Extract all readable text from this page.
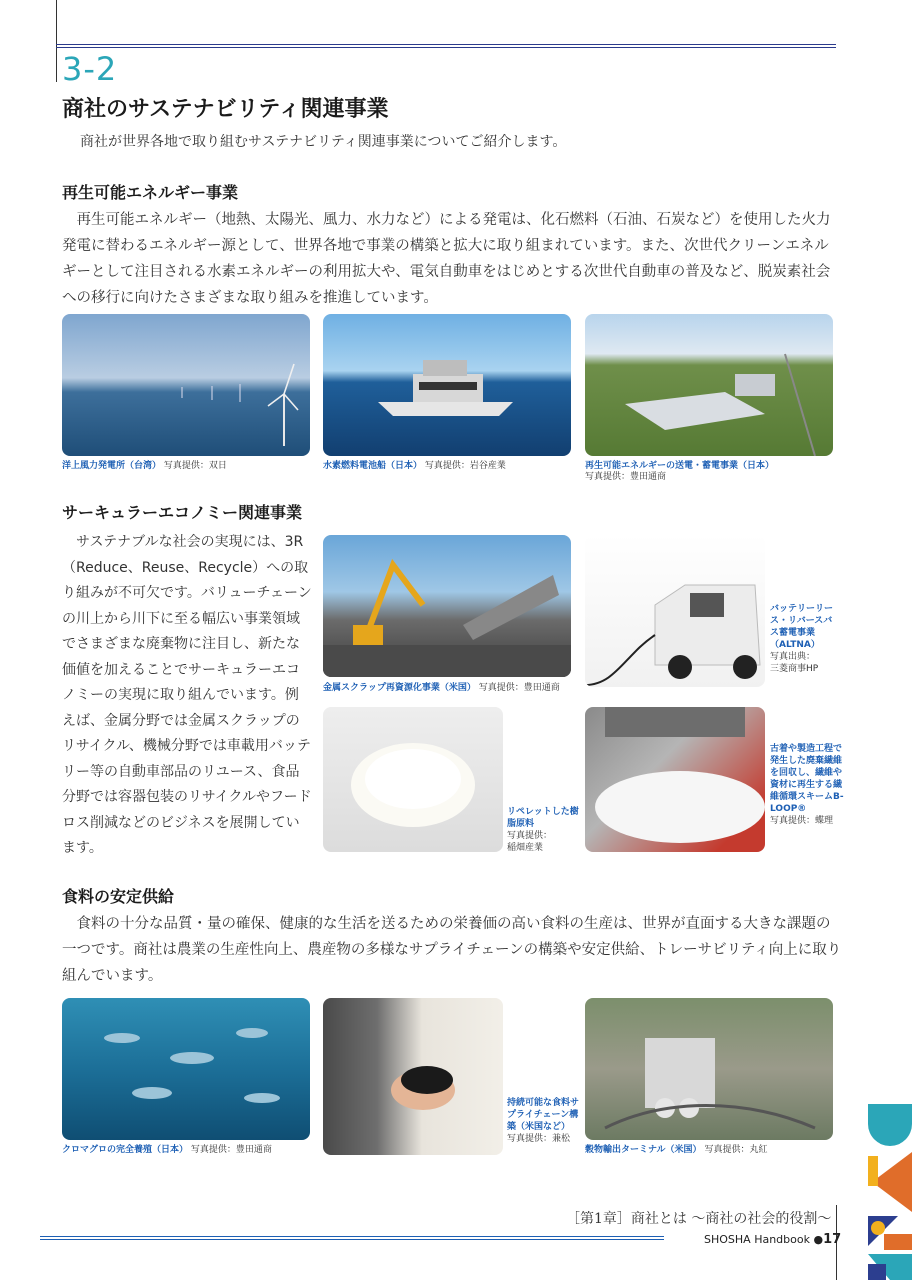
3-2
商社のサステナビリティ関連事業
商社が世界各地で取り組むサステナビリティ関連事業についてご紹介します。
再生可能エネルギー事業

再生可能エネルギー（地熱、太陽光、風力、水力など）による発電は、化石燃料（石油、石炭など）を使用した火力発電に替わるエネルギー源として、世界各地で事業の構築と拡大に取り組まれています。また、次世代クリーンエネルギーとして注目される水素エネルギーの利用拡大や、電気自動車をはじめとする次世代自動車の普及など、脱炭素社会への移行に向けたさまざまな取り組みを推進しています。

洋上風力発電所（台湾） 写真提供：双日	水素燃料電池船（日本） 写真提供：岩谷産業	再生可能エネルギーの送電・蓄電事業（日本）
写真提供：豊田通商
サーキュラーエコノミー関連事業

サステナブルな社会の実現には、3R（Reduce、Reuse、Recycle）への取り組みが不可欠です。バリューチェーンの川上から川下に至る幅広い事業領域でさまざまな廃棄物に注目し、新たな価値を加えることでサーキュラーエコノミーの実現に取り組んでいます。例えば、金属分野では金属スクラップのリサイクル、機械分野では車載用バッテリー等の自動車部品のリユース、食品分野では容器包装のリサイクルやフードロス削減などのビジネスを展開しています。

金属スクラップ再資源化事業（米国） 写真提供：豊田通商
バッテリーリース・リバースバス蓄電事業（ALTNA）
写真出典：
三菱商事HP
リペレットした樹脂原料
写真提供：
稲畑産業
古着や製造工程で発生した廃棄繊維を回収し、繊維や資材に再生する繊維循環スキームB-LOOP®
写真提供：蝶理
食料の安定供給

食料の十分な品質・量の確保、健康的な生活を送るための栄養価の高い食料の生産は、世界が直面する大きな課題の一つです。商社は農業の生産性向上、農産物の多様なサプライチェーンの構築や安定供給、トレーサビリティ向上に取り組んでいます。

クロマグロの完全養殖（日本） 写真提供：豊田通商
持続可能な食料サプライチェーン構築（米国など）
写真提供：兼松
穀物輸出ターミナル（米国） 写真提供：丸紅
［第1章］商社とは ～商社の社会的役割～
SHOSHA Handbook ●17
